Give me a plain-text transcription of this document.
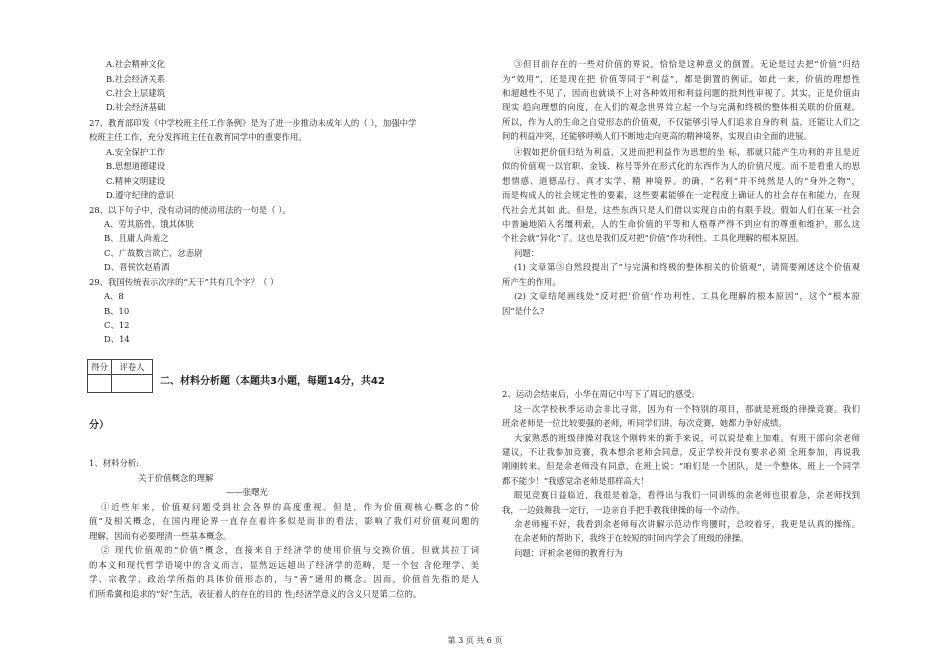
A.社会精神文化
B.社会经济关系
C.社会上层建筑
D.社会经济基础
27、教育部印发《中学校班主任工作条例》是为了进一步推动未成年人的（ ），加强中学
校班主任工作，充分发挥班主任在教育同学中的重要作用。
A.安全保护工作
B.思想道德建设
C.精神文明建设
D.遵守纪律的意识
28、以下句子中，没有动词的使动用法的一句是（ ）。
A、劳其筋骨，饿其体肤
B、且庸人尚羞之
C、广故数言欲亡，忿恚尉
D、晋侯饮赵盾酒
29、我国传统表示次序的“天干”共有几个字？（ ）
A、8
B、10
C、12
D、14
得分	评卷人
二、材料分析题（本题共3小题，每题14分，共42
分）
1、材料分析:
关于价值概念的理解
——张曙光
①近些年来，价值观问题受到社会各界的高度重视。但是，作为价值观核心概念的“价
值”及相关概念，在国内理论界一直存在着许多似是而非的看法，影响了我们对价值观问题的
理解，因而有必要理清一些基本概念。
② 现代价值观的“价值”概念，直接来自于经济学的使用价值与交换价值，但就其拉丁词
的本义和现代哲学语境中的含义而言，显然远远超出了经济学的范畴，是一个包 含伦理学、美
学、宗教学、政治学所指的具体价值形态的，与“善”通用的概念。因而，价值首先指的是人
们所希冀和追求的“好”生活，表征着人的存在的目的 性;经济学意义的含义只是第二位的。
③但目前存在的一些对价值的界说，恰恰是这种意义的倒置。无论是过去把“价值”归结
为“效用”，还是现在把 价值等同于“利益”，都是倒置的例证。如此一来，价值的理想性
和超越性不见了，因而也就谈不上对各种效用和利益问题的批判性审视了。其实，正是价值由
现实 趋向理想的向度，在人们的观念世界耸立起一个与完满和终极的整体相关联的价值观。
所以，作为人的生命之自觉形态的价值观，不仅能够引导人们追求自身的利 益，还能让人们之
间的利益冲突，还能够呼唤人们不断地走向更高的精神境界，实现自由全面的进展。
④假如把价值归结为利益，又进而把利益作为思想的坐 标，那就只能产生功利的并且是近
似的价值观一以官职、金钱、称号等外在形式化的东西作为人的价值尺度。而不是看重人的思
想情感、道德品行、真才实学、精 神境界。的确，“名利”并不纯然是人的“身外之物”，
而是构成人的社会规定性的要素，这些要素能够在一定程度上确证人的社会存在和能力，在现
代社会尤其如 此。但是，这些东西只是人们借以实现自由的有限手段。假如人们在某一社会
中普遍地陷入名缰利索，人的生命价值的平等和人格尊严得不到应有的尊重和维护，那么这
个社会就“异化”了。这也是我们反对把“价值”作功利性、工具化理解的根本原因。
问题：
(1) 文章第③自然段提出了“与完满和终极的整体相关的价值观”，请简要阐述这个价值观
所产生的作用。
(2) 文章结尾画线处“反对把‘价值’作功利性、工具化理解的根本原因”，这个“根本原
因”是什么?
2、运动会结束后，小华在周记中写下了周记的感受:
这一次学校秋季运动会非比寻常，因为有一个特别的项目，那就是班级的律操竞赛。我们
班余老师是一位比较要强的老师，听同学们讲，每次竞赛，她都力争好成绩。
大家熟悉的班级律操对我这个刚转来的新手来说，可以说是难上加难。有班干部向余老师
建议，不让我参加竞赛，我本想余老师会同意，反正学校并没有要求必须 全班参加，再说我
刚刚转来。但是余老师没有同意，在班上说：“咱们是一个团队，是一个整体，班上一个同学
都不能少！”我感觉余老师是那样高大！
眼见竞赛日益临近，我很是着急，看得出与我们一同训练的余老师也很着急，余老师找到
我，一边鼓舞我一定行，一边亲自手把手教我律操的每一个动作。
余老师瘦不好，我看到余老师每次讲解示范动作弯腰时，总咬着牙，我更是认真的操练。
在余老师的帮助下，我终于在较短的时间内学会了班级的律操。
问题：评析余老师的教育行为
第 3 页 共 6 页
